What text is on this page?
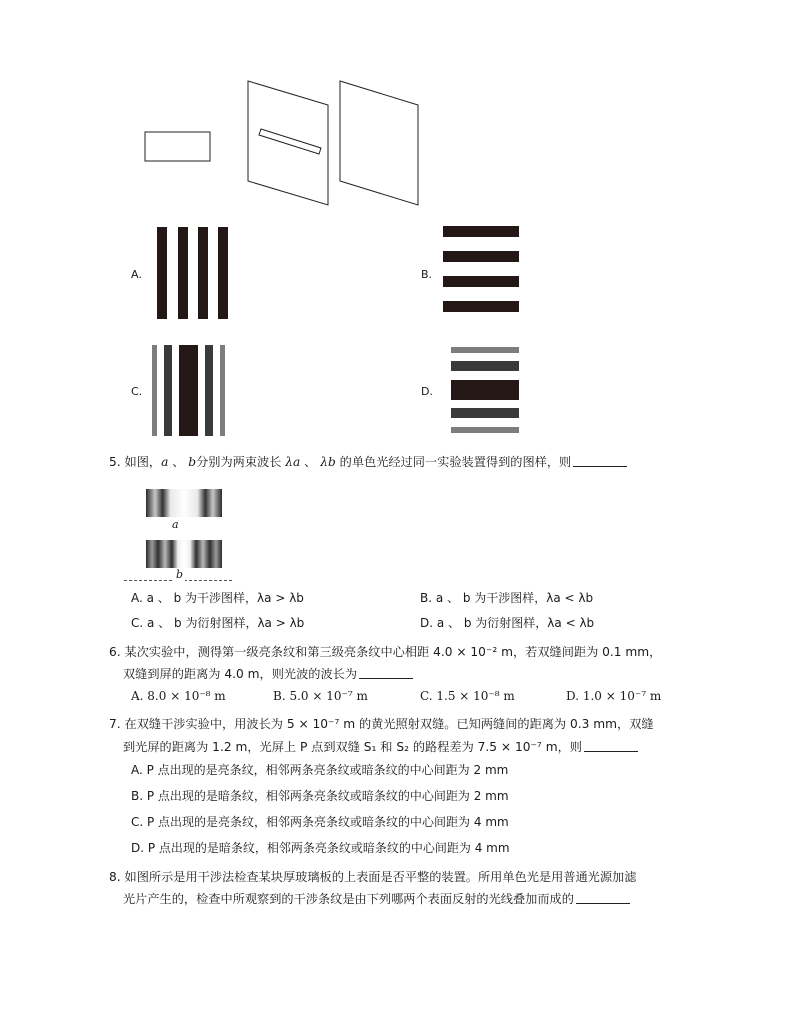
A.	B.
C.	D.
5. 如图，a 、 b分别为两束波长 λa 、 λb 的单色光经过同一实验装置得到的图样，则
a
b
A. a 、 b 为干涉图样，λa > λb	B. a 、 b 为干涉图样，λa < λb
C. a 、 b 为衍射图样，λa > λb	D. a 、 b 为衍射图样，λa < λb
6. 某次实验中，测得第一级亮条纹和第三级亮条纹中心相距 4.0 × 10⁻² m，若双缝间距为 0.1 mm，
双缝到屏的距离为 4.0 m，则光波的波长为
A. 8.0 × 10⁻⁸ m	B. 5.0 × 10⁻⁷ m	C. 1.5 × 10⁻⁸ m	D. 1.0 × 10⁻⁷ m
7. 在双缝干涉实验中，用波长为 5 × 10⁻⁷ m 的黄光照射双缝。已知两缝间的距离为 0.3 mm，双缝
到光屏的距离为 1.2 m，光屏上 P 点到双缝 S₁ 和 S₂ 的路程差为 7.5 × 10⁻⁷ m，则
A. P 点出现的是亮条纹，相邻两条亮条纹或暗条纹的中心间距为 2 mm
B. P 点出现的是暗条纹，相邻两条亮条纹或暗条纹的中心间距为 2 mm
C. P 点出现的是亮条纹，相邻两条亮条纹或暗条纹的中心间距为 4 mm
D. P 点出现的是暗条纹，相邻两条亮条纹或暗条纹的中心间距为 4 mm
8. 如图所示是用干涉法检查某块厚玻璃板的上表面是否平整的装置。所用单色光是用普通光源加滤
光片产生的，检查中所观察到的干涉条纹是由下列哪两个表面反射的光线叠加而成的
